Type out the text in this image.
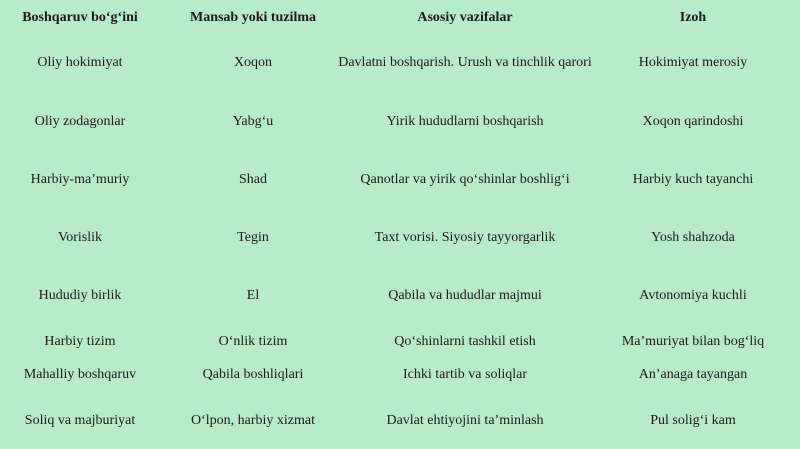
Boshqaruv bo‘g‘ini	Mansab yoki tuzilma	Asosiy vazifalar	Izoh
Oliy hokimiyat	Xoqon	Davlatni boshqarish. Urush va tinchlik qarori	Hokimiyat merosiy
Oliy zodagonlar	Yabg‘u	Yirik hududlarni boshqarish	Xoqon qarindoshi
Harbiy-ma’muriy	Shad	Qanotlar va yirik qo‘shinlar boshlig‘i	Harbiy kuch tayanchi
Vorislik	Tegin	Taxt vorisi. Siyosiy tayyorgarlik	Yosh shahzoda
Hududiy birlik	El	Qabila va hududlar majmui	Avtonomiya kuchli
Harbiy tizim	O‘nlik tizim	Qo‘shinlarni tashkil etish	Ma’muriyat bilan bog‘liq
Mahalliy boshqaruv	Qabila boshliqlari	Ichki tartib va soliqlar	An’anaga tayangan
Soliq va majburiyat	O‘lpon, harbiy xizmat	Davlat ehtiyojini ta’minlash	Pul solig‘i kam
